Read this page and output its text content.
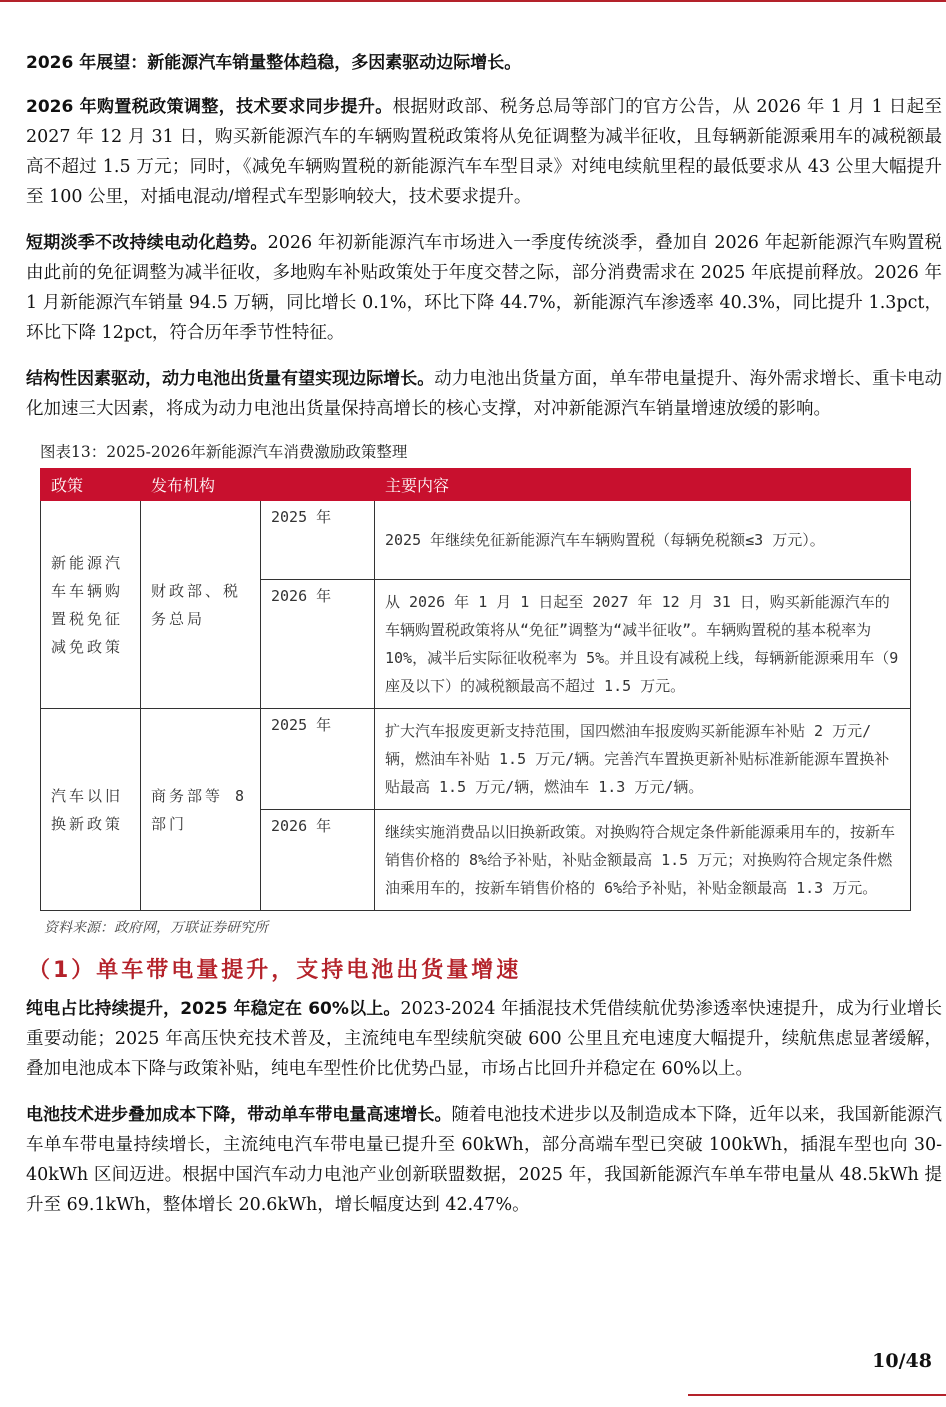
2026 年展望：新能源汽车销量整体趋稳，多因素驱动边际增长。

2026 年购置税政策调整，技术要求同步提升。根据财政部、税务总局等部门的官方公告，从 2026 年 1 月 1 日起至 2027 年 12 月 31 日，购买新能源汽车的车辆购置税政策将从免征调整为减半征收，且每辆新能源乘用车的减税额最高不超过 1.5 万元；同时，《减免车辆购置税的新能源汽车车型目录》对纯电续航里程的最低要求从 43 公里大幅提升至 100 公里，对插电混动/增程式车型影响较大，技术要求提升。

短期淡季不改持续电动化趋势。2026 年初新能源汽车市场进入一季度传统淡季，叠加自 2026 年起新能源汽车购置税由此前的免征调整为减半征收，多地购车补贴政策处于年度交替之际，部分消费需求在 2025 年底提前释放。2026 年 1 月新能源汽车销量 94.5 万辆，同比增长 0.1%，环比下降 44.7%，新能源汽车渗透率 40.3%，同比提升 1.3pct，环比下降 12pct，符合历年季节性特征。

结构性因素驱动，动力电池出货量有望实现边际增长。动力电池出货量方面，单车带电量提升、海外需求增长、重卡电动化加速三大因素，将成为动力电池出货量保持高增长的核心支撑，对冲新能源汽车销量增速放缓的影响。

图表13：2025-2026年新能源汽车消费激励政策整理
政策	发布机构		主要内容
新能源汽车车辆购置税免征减免政策	财政部、税务总局	2025 年	2025 年继续免征新能源汽车车辆购置税（每辆免税额≤3 万元）。
		2026 年	从 2026 年 1 月 1 日起至 2027 年 12 月 31 日，购买新能源汽车的车辆购置税政策将从“免征”调整为“减半征收”。车辆购置税的基本税率为 10%，减半后实际征收税率为 5%。并且设有减税上线，每辆新能源乘用车（9 座及以下）的减税额最高不超过 1.5 万元。
汽车以旧换新政策	商务部等 8 部门	2025 年	扩大汽车报废更新支持范围，国四燃油车报废购买新能源车补贴 2 万元/辆，燃油车补贴 1.5 万元/辆。完善汽车置换更新补贴标准新能源车置换补贴最高 1.5 万元/辆，燃油车 1.3 万元/辆。
		2026 年	继续实施消费品以旧换新政策。对换购符合规定条件新能源乘用车的，按新车销售价格的 8%给予补贴，补贴金额最高 1.5 万元；对换购符合规定条件燃油乘用车的，按新车销售价格的 6%给予补贴，补贴金额最高 1.3 万元。
资料来源：政府网，万联证券研究所
（1）单车带电量提升，支持电池出货量增速

纯电占比持续提升，2025 年稳定在 60%以上。2023-2024 年插混技术凭借续航优势渗透率快速提升，成为行业增长重要动能；2025 年高压快充技术普及，主流纯电车型续航突破 600 公里且充电速度大幅提升，续航焦虑显著缓解，叠加电池成本下降与政策补贴，纯电车型性价比优势凸显，市场占比回升并稳定在 60%以上。

电池技术进步叠加成本下降，带动单车带电量高速增长。随着电池技术进步以及制造成本下降，近年以来，我国新能源汽车单车带电量持续增长，主流纯电汽车带电量已提升至 60kWh，部分高端车型已突破 100kWh，插混车型也向 30-40kWh 区间迈进。根据中国汽车动力电池产业创新联盟数据，2025 年，我国新能源汽车单车带电量从 48.5kWh 提升至 69.1kWh，整体增长 20.6kWh，增长幅度达到 42.47%。

10/48
